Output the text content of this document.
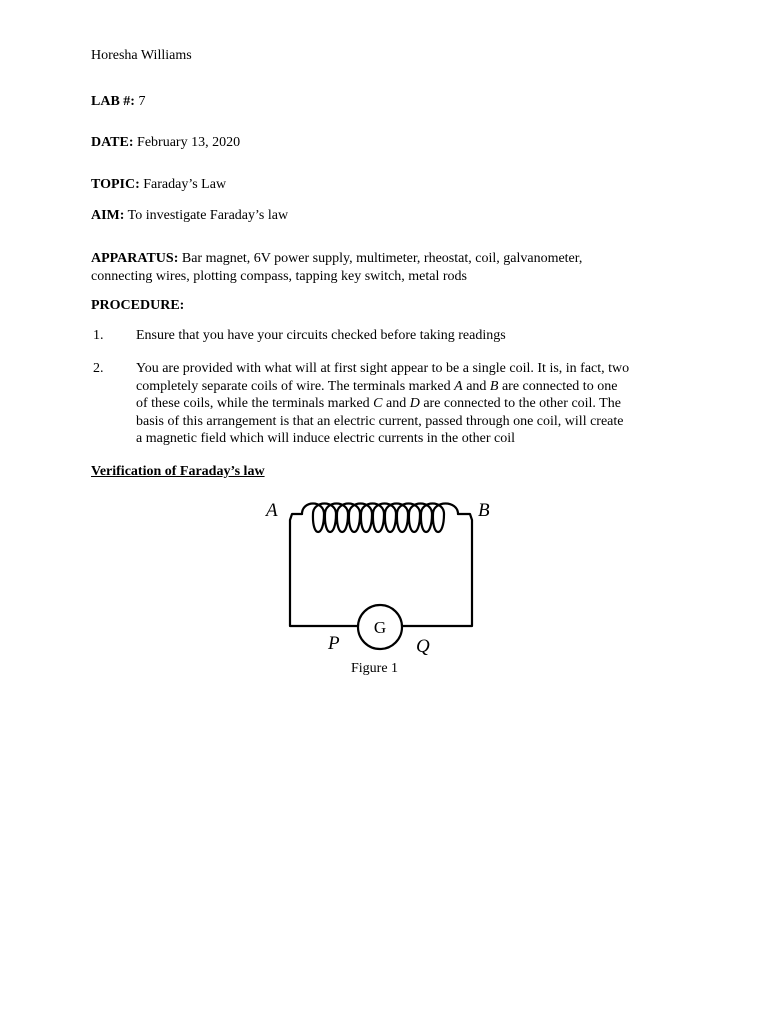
Horesha Williams
LAB #: 7
DATE: February 13, 2020
TOPIC: Faraday’s Law
AIM: To investigate Faraday’s law
APPARATUS: Bar magnet, 6V power supply, multimeter, rheostat, coil, galvanometer,
connecting wires, plotting compass, tapping key switch, metal rods
PROCEDURE:
1. Ensure that you have your circuits checked before taking readings
2. You are provided with what will at first sight appear to be a single coil. It is, in fact, two
completely separate coils of wire. The terminals marked A and B are connected to one
of these coils, while the terminals marked C and D are connected to the other coil. The
basis of this arrangement is that an electric current, passed through one coil, will create
a magnetic field which will induce electric currents in the other coil
Verification of Faraday’s law
A	B
G
P	Q
Figure 1
